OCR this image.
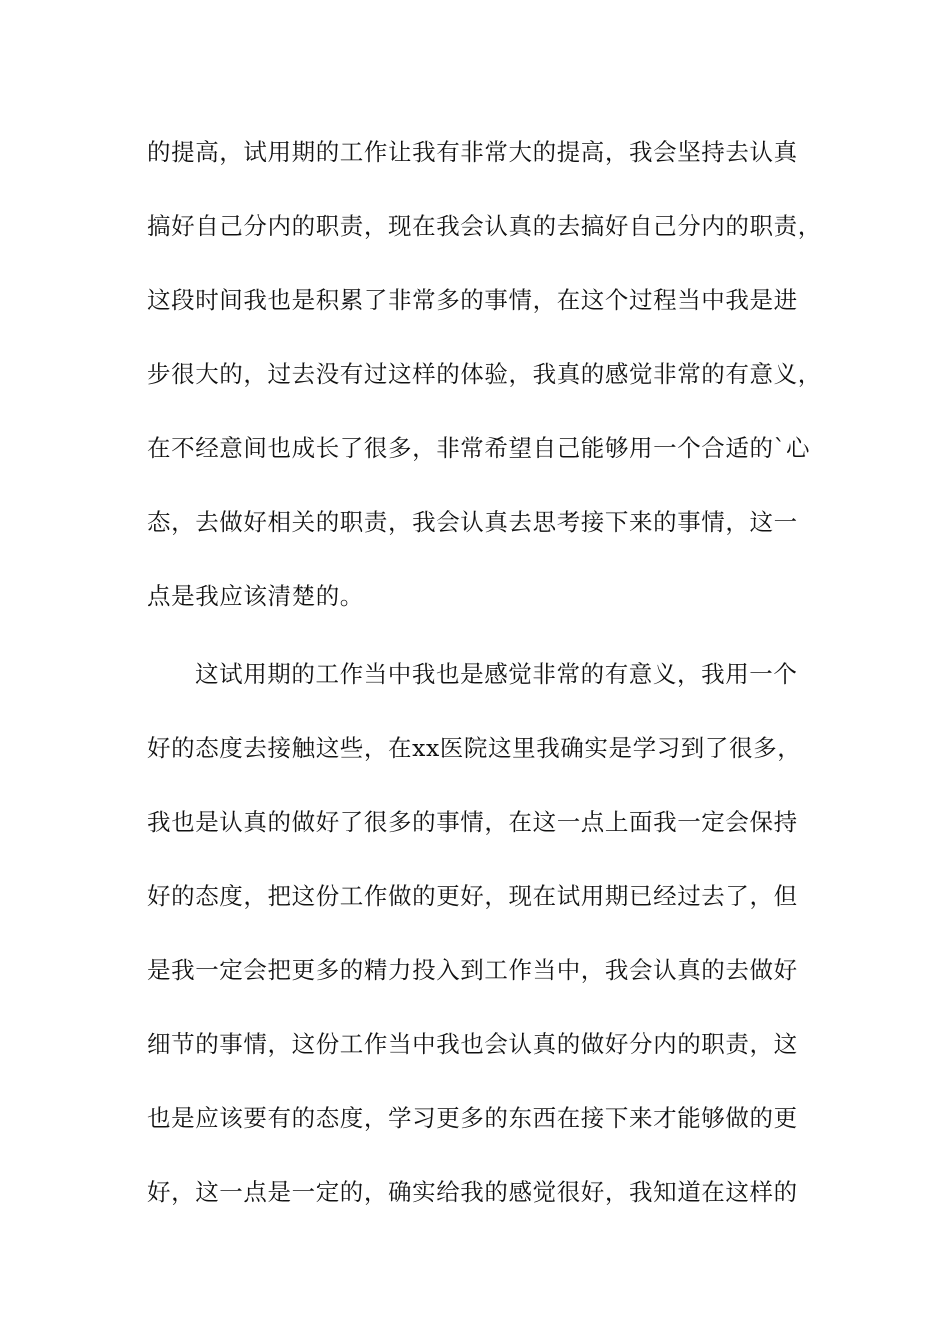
的提高，试用期的工作让我有非常大的提高，我会坚持去认真
搞好自己分内的职责，现在我会认真的去搞好自己分内的职责，
这段时间我也是积累了非常多的事情，在这个过程当中我是进
步很大的，过去没有过这样的体验，我真的感觉非常的有意义，
在不经意间也成长了很多，非常希望自己能够用一个合适的`心
态，去做好相关的职责，我会认真去思考接下来的事情，这一
点是我应该清楚的。
这试用期的工作当中我也是感觉非常的有意义，我用一个
好的态度去接触这些，在xx医院这里我确实是学习到了很多，
我也是认真的做好了很多的事情，在这一点上面我一定会保持
好的态度，把这份工作做的更好，现在试用期已经过去了，但
是我一定会把更多的精力投入到工作当中，我会认真的去做好
细节的事情，这份工作当中我也会认真的做好分内的职责，这
也是应该要有的态度，学习更多的东西在接下来才能够做的更
好，这一点是一定的，确实给我的感觉很好，我知道在这样的
